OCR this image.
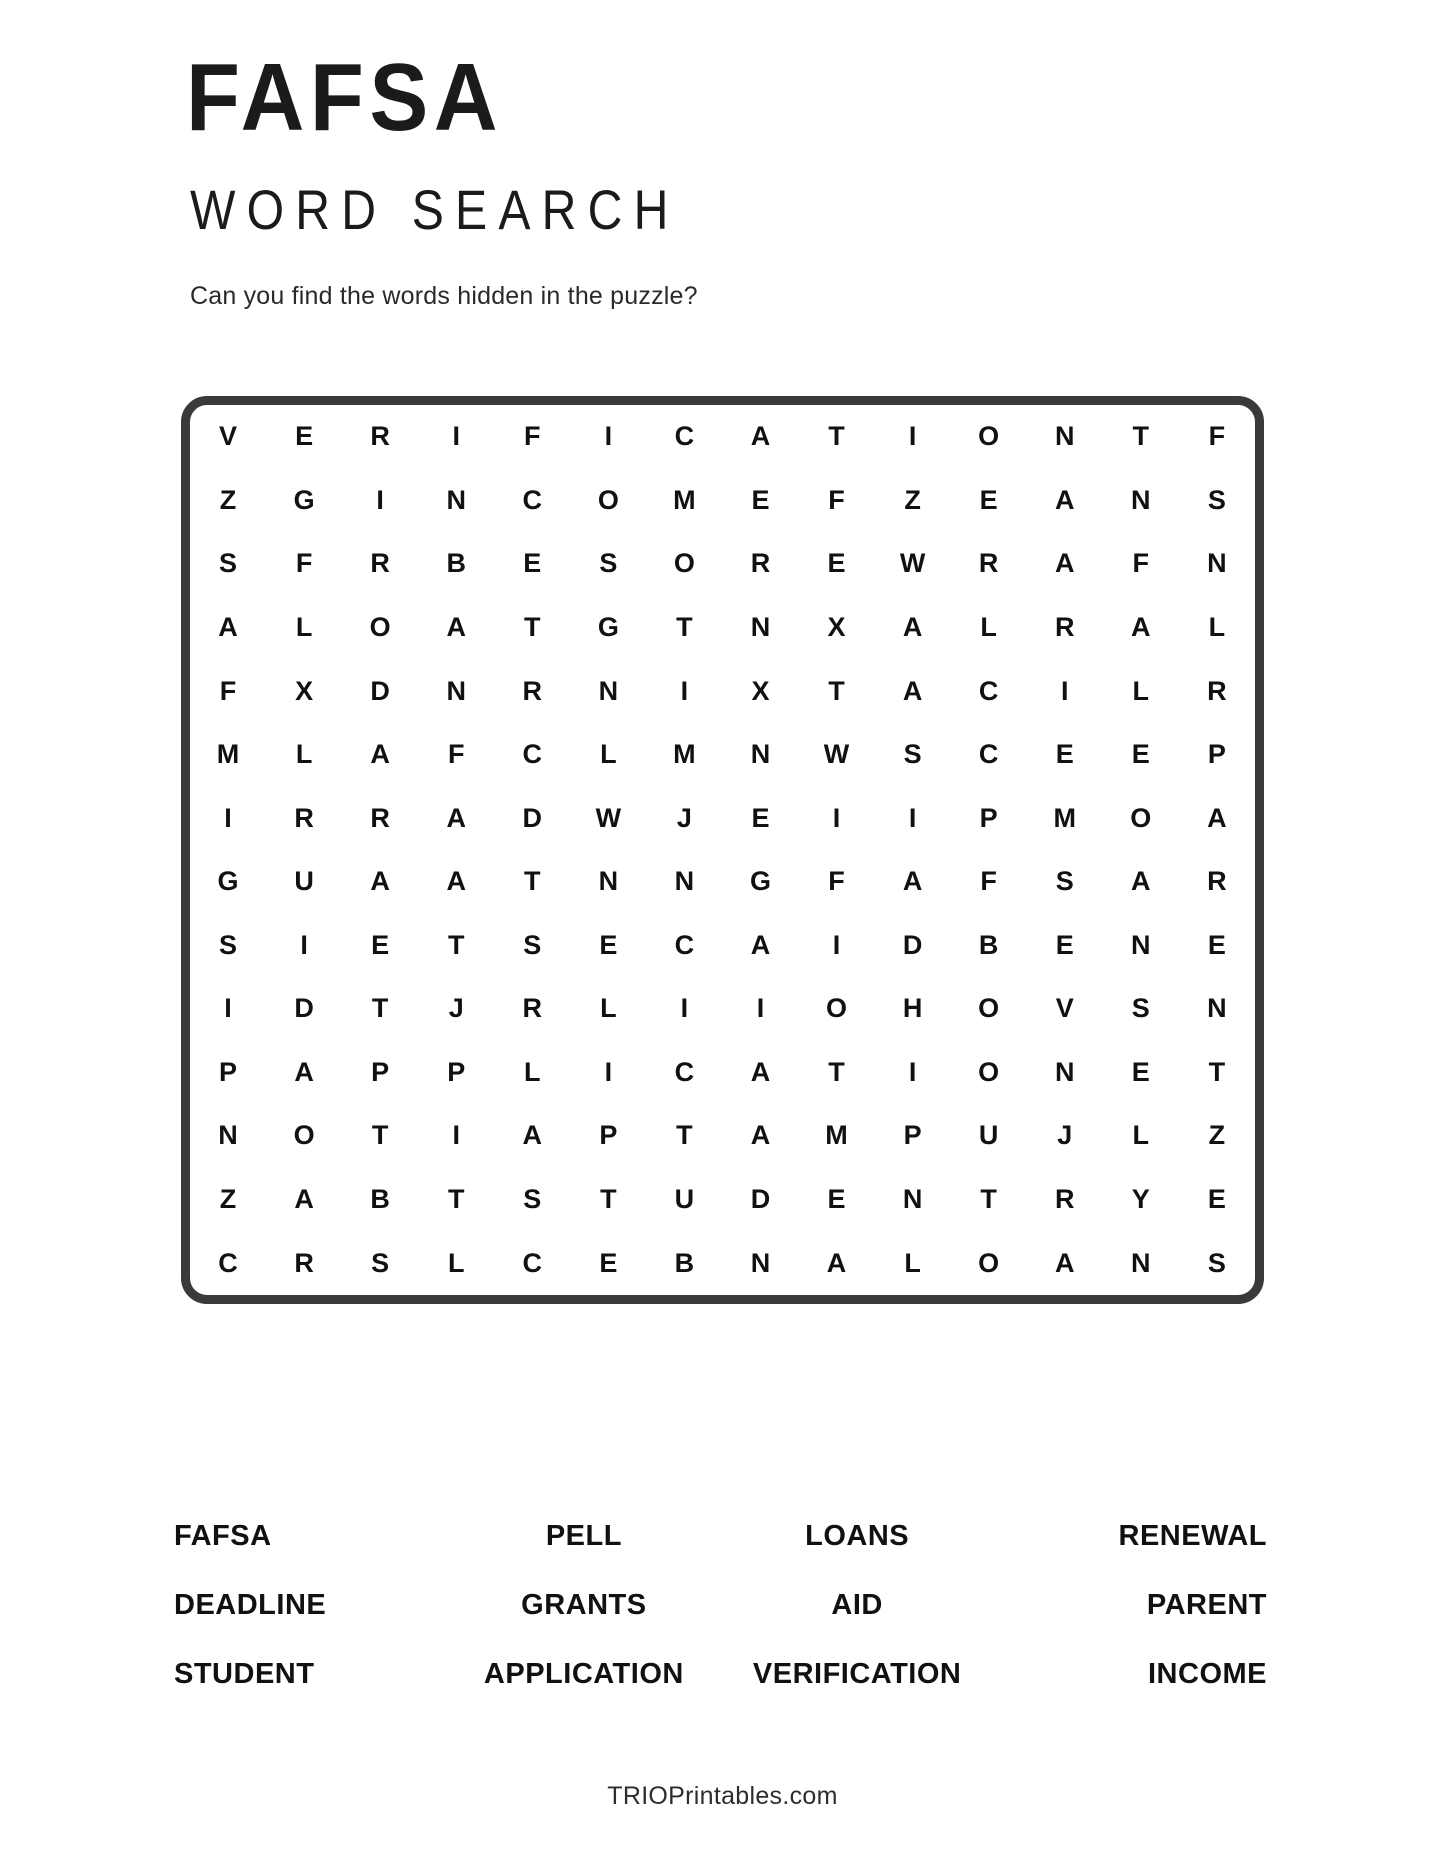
FAFSA
WORD SEARCH
Can you find the words hidden in the puzzle?
V	E	R	I	F	I	C	A	T	I	O	N	T	F
Z	G	I	N	C	O	M	E	F	Z	E	A	N	S
S	F	R	B	E	S	O	R	E	W	R	A	F	N
A	L	O	A	T	G	T	N	X	A	L	R	A	L
F	X	D	N	R	N	I	X	T	A	C	I	L	R
M	L	A	F	C	L	M	N	W	S	C	E	E	P
I	R	R	A	D	W	J	E	I	I	P	M	O	A
G	U	A	A	T	N	N	G	F	A	F	S	A	R
S	I	E	T	S	E	C	A	I	D	B	E	N	E
I	D	T	J	R	L	I	I	O	H	O	V	S	N
P	A	P	P	L	I	C	A	T	I	O	N	E	T
N	O	T	I	A	P	T	A	M	P	U	J	L	Z
Z	A	B	T	S	T	U	D	E	N	T	R	Y	E
C	R	S	L	C	E	B	N	A	L	O	A	N	S
FAFSA	PELL	LOANS	RENEWAL
DEADLINE	GRANTS	AID	PARENT
STUDENT	APPLICATION	VERIFICATION	INCOME
TRIOPrintables.com
